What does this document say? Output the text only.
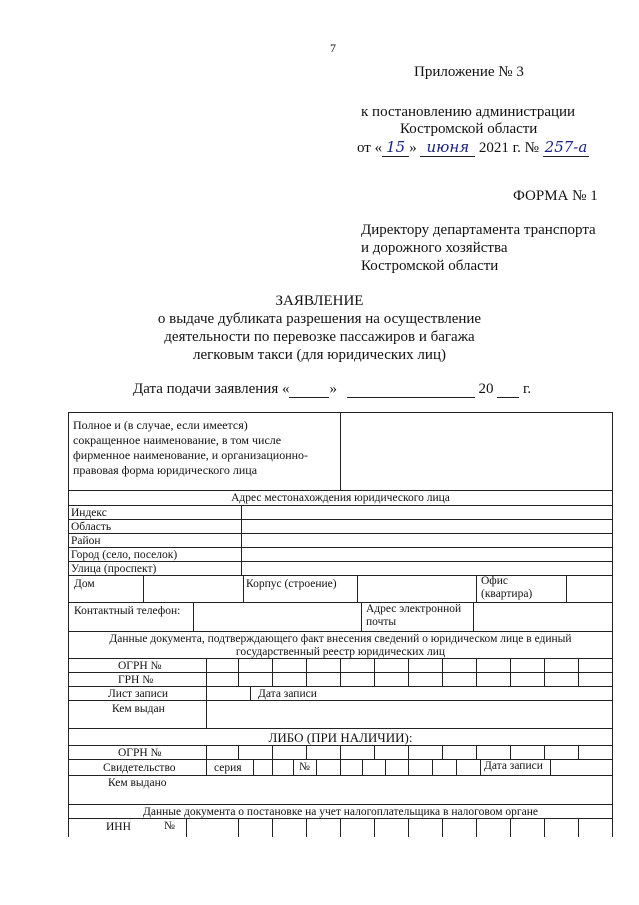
7
Приложение № 3
к постановлению администрации
Костромской области
от « 15 » июня 2021 г. № 257-а
ФОРМА № 1
Директору департамента транспорта
и дорожного хозяйства
Костромской области
ЗАЯВЛЕНИЕ
о выдаче дубликата разрешения на осуществление
деятельности по перевозке пассажиров и багажа
легковым такси (для юридических лиц)
Дата подачи заявления «	»	20 г.
Полное и (в случае, если имеется)
сокращенное наименование, в том числе
фирменное наименование, и организационно-
правовая форма юридического лица
Адрес местонахождения юридического лица
Индекс
Область
Район
Город (село, поселок)
Улица (проспект)
Дом	Корпус (строение)	Офис
(квартира)
Контактный телефон:	Адрес электронной
почты
Данные документа, подтверждающего факт внесения сведений о юридическом лице в единый
государственный реестр юридических лиц
ОГРН №
ГРН №
Лист записи	Дата записи
Кем выдан
ЛИБО (ПРИ НАЛИЧИИ):
ОГРН №
Свидетельство	серия	№	Дата записи
Кем выдано
Данные документа о постановке на учет налогоплательщика в налоговом органе
ИНН	№
